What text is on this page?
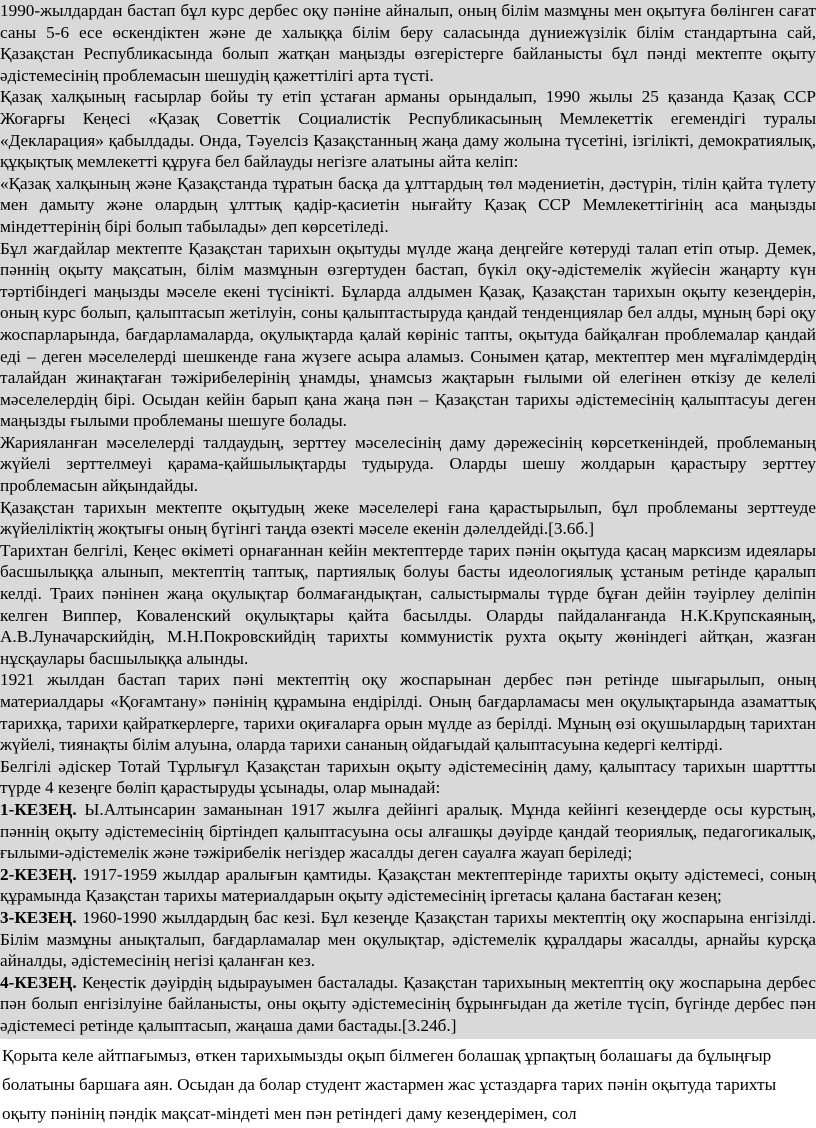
1990-жылдардан бастап бұл курс дербес оқу пәніне айналып, оның білім мазмұны мен оқытуға бөлінген сағат саны 5-6 есе өскендіктен және де халыққа білім беру саласында дүниежүзілік білім стандартына сай, Қазақстан Республикасында болып жатқан маңызды өзгерістерге байланысты бұл пәнді мектепте оқыту әдістемесінің проблемасын шешудің қажеттілігі арта түсті.

Қазақ халқының ғасырлар бойы ту етіп ұстаған арманы орындалып, 1990 жылы 25 қазанда Қазақ ССР Жоғарғы Кеңесі «Қазақ Советтік Социалистік Республикасының Мемлекеттік егемендігі туралы «Декларация» қабылдады. Онда, Тәуелсіз Қазақстанның жаңа даму жолына түсетіні, ізгілікті, демократиялық, құқықтық мемлекетті құруға бел байлауды негізге алатыны айта келіп:

«Қазақ халқының және Қазақстанда тұратын басқа да ұлттардың төл мәдениетін, дәстүрін, тілін қайта түлету мен дамыту және олардың ұлттық қадір-қасиетін нығайту Қазақ ССР Мемлекеттігінің аса маңызды міндеттерінің бірі болып табылады» деп көрсетіледі.

Бұл жағдайлар мектепте Қазақстан тарихын оқытуды мүлде жаңа деңгейге көтеруді талап етіп отыр. Демек, пәннің оқыту мақсатын, білім мазмұнын өзгертуден бастап, бүкіл оқу-әдістемелік жүйесін жаңарту күн тәртібіндегі маңызды мәселе екені түсінікті. Бұларда алдымен Қазақ, Қазақстан тарихын оқыту кезеңдерін, оның курс болып, қалыптасып жетілуін, соны қалыптастыруда қандай тенденциялар бел алды, мұның бәрі оқу жоспарларында, бағдарламаларда, оқулықтарда қалай көрініс тапты, оқытуда байқалған проблемалар қандай еді – деген мәселелерді шешкенде ғана жүзеге асыра аламыз. Сонымен қатар, мектептер мен мұғалімдердің талайдан жинақтаған тәжірибелерінің ұнамды, ұнамсыз жақтарын ғылыми ой елегінен өткізу де келелі мәселелердің бірі. Осыдан кейін барып қана жаңа пән – Қазақстан тарихы әдістемесінің қалыптасуы деген маңызды ғылыми проблеманы шешуге болады.

Жарияланған мәселелерді талдаудың, зерттеу мәселесінің даму дәрежесінің көрсеткеніндей, проблеманың жүйелі зерттелмеуі қарама-қайшылықтарды тудыруда. Оларды шешу жолдарын қарастыру зерттеу проблемасын айқындайды.

Қазақстан тарихын мектепте оқытудың жеке мәселелері ғана қарастырылып, бұл проблеманы зерттеуде жүйеліліктің жоқтығы оның бүгінгі таңда өзекті мәселе екенін дәлелдейді.[3.6б.]

Тарихтан белгілі, Кеңес өкіметі орнағаннан кейін мектептерде тарих пәнін оқытуда қасаң марксизм идеялары басшылыққа алынып, мектептің таптық, партиялық болуы басты идеологиялық ұстаным ретінде қаралып келді. Траих пәнінен жаңа оқулықтар болмағандықтан, салыстырмалы түрде бұған дейін тәуірлеу деліпін келген Виппер, Коваленский оқулықтары қайта басылды. Оларды пайдаланғанда Н.К.Крупскаяның, А.В.Луначарскийдің, М.Н.Покровскийдің тарихты коммунистік рухта оқыту жөніндегі айтқан, жазған нұсқаулары басшылыққа алынды.

1921 жылдан бастап тарих пәні мектептің оқу жоспарынан дербес пән ретінде шығарылып, оның материалдары «Қоғамтану» пәнінің құрамына ендірілді. Оның бағдарламасы мен оқулықтарында азаматтық тарихқа, тарихи қайраткерлерге, тарихи оқиғаларға орын мүлде аз берілді. Мұның өзі оқушылардың тарихтан жүйелі, тиянақты білім алуына, оларда тарихи сананың ойдағыдай қалыптасуына кедергі келтірді.

Белгілі әдіскер Тотай Тұрлығұл Қазақстан тарихын оқыту әдістемесінің даму, қалыптасу тарихын шарттты түрде 4 кезеңге бөліп қарастыруды ұсынады, олар мынадай:

1-КЕЗЕҢ. Ы.Алтынсарин заманынан 1917 жылға дейінгі аралық. Мұнда кейінгі кезеңдерде осы курстың, пәннің оқыту әдістемесінің біртіндеп қалыптасуына осы алғашқы дәуірде қандай теориялық, педагогикалық, ғылыми-әдістемелік және тәжірибелік негіздер жасалды деген сауалға жауап беріледі;

2-КЕЗЕҢ. 1917-1959 жылдар аралығын қамтиды. Қазақстан мектептерінде тарихты оқыту әдістемесі, соның құрамында Қазақстан тарихы материалдарын оқыту әдістемесінің іргетасы қалана бастаған кезең;

3-КЕЗЕҢ. 1960-1990 жылдардың бас кезі. Бұл кезеңде Қазақстан тарихы мектептің оқу жоспарына енгізілді. Білім мазмұны анықталып, бағдарламалар мен оқулықтар, әдістемелік құралдары жасалды, арнайы курсқа айналды, әдістемесінің негізі қаланған кез.

4-КЕЗЕҢ. Кеңестік дәуірдің ыдырауымен басталады. Қазақстан тарихының мектептің оқу жоспарына дербес пән болып енгізілуіне байланысты, оны оқыту әдістемесінің бұрынғыдан да жетіле түсіп, бүгінде дербес пән әдістемесі ретінде қалыптасып, жаңаша дами бастады.[3.24б.]

Қорыта келе айтпағымыз, өткен тарихымызды оқып білмеген болашақ ұрпақтың болашағы да бұлыңғыр болатыны баршаға аян. Осыдан да болар студент жастармен жас ұстаздарға тарих пәнін оқытуда тарихты оқыту пәнінің пәндік мақсат-міндеті мен пән ретіндегі даму кезеңдерімен, сол
